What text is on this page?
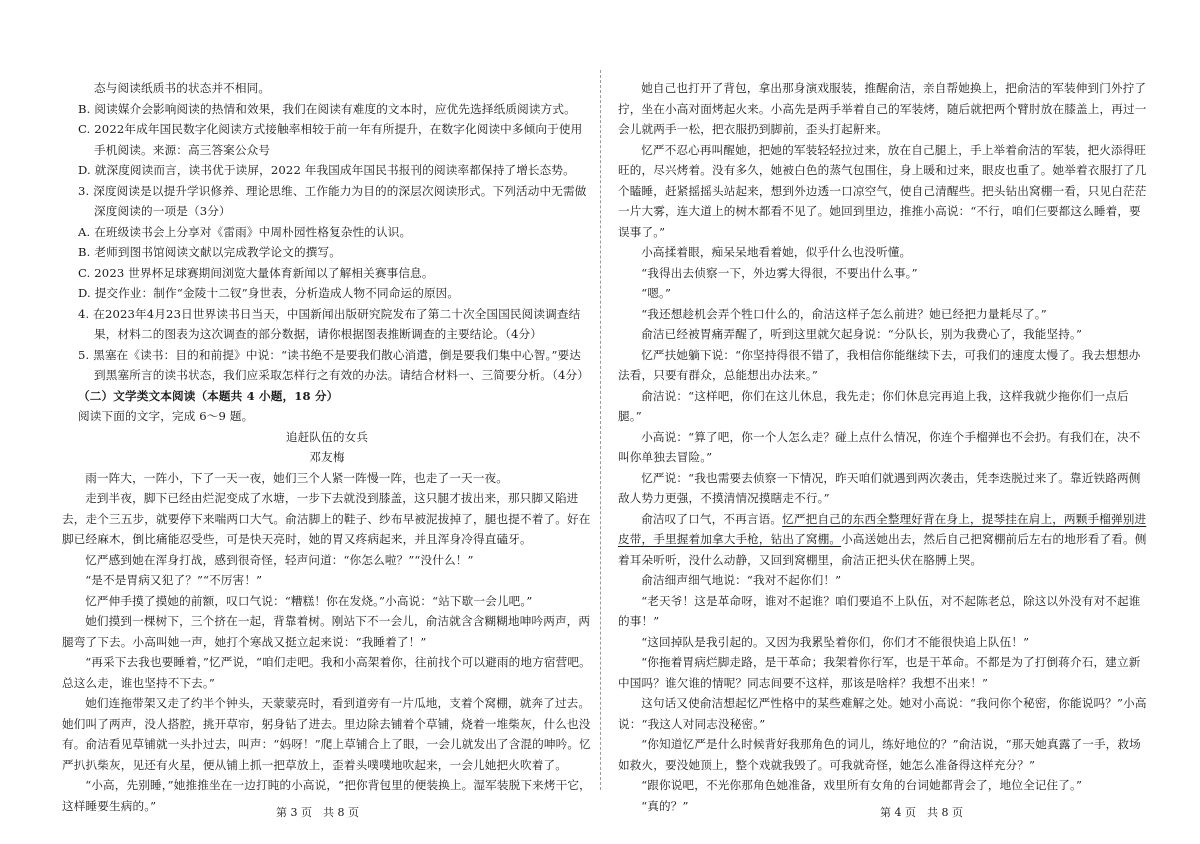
态与阅读纸质书的状态并不相同。

B. 阅读媒介会影响阅读的热情和效果，我们在阅读有难度的文本时，应优先选择纸质阅读方式。

C. 2022年成年国民数字化阅读方式接触率相较于前一年有所提升，在数字化阅读中多倾向于使用手机阅读。来源：高三答案公众号

D. 就深度阅读而言，读书优于读屏，2022 年我国成年国民书报刊的阅读率都保持了增长态势。

3. 深度阅读是以提升学识修养、理论思维、工作能力为目的的深层次阅读形式。下列活动中无需做深度阅读的一项是（3分）

A. 在班级读书会上分享对《雷雨》中周朴园性格复杂性的认识。

B. 老师到图书馆阅读文献以完成教学论文的撰写。

C. 2023 世界杯足球赛期间浏览大量体育新闻以了解相关赛事信息。

D. 提交作业：制作“金陵十二钗”身世表，分析造成人物不同命运的原因。

4. 在2023年4月23日世界读书日当天，中国新闻出版研究院发布了第二十次全国国民阅读调查结果，材料二的图表为这次调查的部分数据，请你根据图表推断调查的主要结论。（4分）

5. 黑塞在《读书：目的和前提》中说：“读书绝不是要我们散心消遣，倒是要我们集中心智。”要达到黑塞所言的读书状态，我们应采取怎样行之有效的办法。请结合材料一、三简要分析。（4分）

（二）文学类文本阅读（本题共 4 小题，18 分）

阅读下面的文字，完成 6～9 题。

追赶队伍的女兵

邓友梅

雨一阵大，一阵小，下了一天一夜，她们三个人紧一阵慢一阵，也走了一天一夜。

走到半夜，脚下已经由烂泥变成了水塘，一步下去就没到膝盖，这只腿才拔出来，那只脚又陷进去，走个三五步，就要停下来喘两口大气。俞洁脚上的鞋子、纱布早被泥拔掉了，腿也提不着了。好在脚已经麻木，倒比痛能忍受些，可是快天亮时，她的胃又疼病起来，并且浑身冷得直磕牙。

忆严感到她在浑身打战，感到很奇怪，轻声问道：“你怎么啦？”“没什么！”

“是不是胃病又犯了？”“不厉害！”

忆严伸手摸了摸她的前额，叹口气说：“糟糕！你在发烧。”小高说：“站下歇一会儿吧。”

她们摸到一棵树下，三个挤在一起，背靠着树。刚站下不一会儿，俞洁就含含糊糊地呻吟两声，两腿弯了下去。小高叫她一声，她打个寒战又挺立起来说：“我睡着了！”

“再采下去我也要睡着，”忆严说，“咱们走吧。我和小高架着你，往前找个可以避雨的地方宿营吧。总这么走，谁也坚持不下去。”

她们连拖带架又走了约半个钟头，天蒙蒙亮时，看到道旁有一片瓜地，支着个窝棚，就奔了过去。她们叫了两声，没人搭腔，挑开草帘，躬身钻了进去。里边除去铺着个草铺，烧着一堆柴灰，什么也没有。俞洁看见草铺就一头扑过去，叫声：“妈呀！”爬上草铺合上了眼，一会儿就发出了含混的呻吟。忆严扒扒柴灰，见还有火星，便从铺上抓一把草放上，歪着头噗噗地吹起来，一会儿她把火吹着了。

“小高，先别睡，”她推推坐在一边打盹的小高说，“把你背包里的便装换上。湿军装脱下来烤干它，这样睡要生病的。”

她自己也打开了背包，拿出那身演戏服装，推醒俞洁，亲自帮她换上，把俞洁的军装伸到门外拧了拧，坐在小高对面烤起火来。小高先是两手举着自己的军装烤，随后就把两个臂肘放在膝盖上，再过一会儿就两手一松，把衣服扔到脚前，歪头打起鼾来。

忆严不忍心再叫醒她，把她的军装轻轻拉过来，放在自己腿上，手上举着俞洁的军装，把火添得旺旺的，尽兴烤着。没有多久，她被白色的蒸气包围住，身上暖和过来，眼皮也重了。她举着衣服打了几个瞌睡，赶紧摇摇头站起来，想到外边透一口凉空气，使自己清醒些。把头钻出窝棚一看，只见白茫茫一片大雾，连大道上的树木都看不见了。她回到里边，推推小高说：“不行，咱们仨要都这么睡着，要误事了。”

小高揉着眼，痴呆呆地看着她，似乎什么也没听懂。

“我得出去侦察一下，外边雾大得很，不要出什么事。”

“嗯。”

“我还想趁机会弄个牲口什么的，俞洁这样子怎么前进？她已经把力量耗尽了。”

俞洁已经被胃痛弄醒了，听到这里就欠起身说：“分队长，别为我费心了，我能坚持。”

忆严扶她躺下说：“你坚持得很不错了，我相信你能继续下去，可我们的速度太慢了。我去想想办法看，只要有群众，总能想出办法来。”

俞洁说：“这样吧，你们在这儿休息，我先走；你们休息完再追上我，这样我就少拖你们一点后腿。”

小高说：“算了吧，你一个人怎么走？碰上点什么情况，你连个手榴弹也不会扔。有我们在，决不叫你单独去冒险。”

忆严说：“我也需要去侦察一下情况，昨天咱们就遇到两次袭击，凭李迭脱过来了。靠近铁路两侧敌人势力更强，不摸清情况摸瞎走不行。”

俞洁叹了口气，不再言语。忆严把自己的东西全整理好背在身上，提琴挂在肩上，两颗手榴弹别进皮带，手里握着加拿大手枪，钻出了窝棚。小高送她出去，然后自己把窝棚前后左右的地形看了看。侧着耳朵听听，没什么动静，又回到窝棚里，俞洁正把头伏在胳膊上哭。

俞洁细声细气地说：“我对不起你们！”

“老天爷！这是革命呀，谁对不起谁？咱们要追不上队伍，对不起陈老总，除这以外没有对不起谁的事！”

“这回掉队是我引起的。又因为我累坠着你们，你们才不能很快追上队伍！”

“你拖着胃病烂脚走路，是干革命；我架着你行军，也是干革命。不都是为了打倒蒋介石，建立新中国吗？谁欠谁的情呢？同志间要不这样，那该是啥样？我想不出来！”

这句话又使俞洁想起忆严性格中的某些难解之处。她对小高说：“我问你个秘密，你能说吗？”小高说：“我这人对同志没秘密。”

“你知道忆严是什么时候背好我那角色的词儿，练好地位的？”俞洁说，“那天她真露了一手，救场如救火，要没她顶上，整个戏就我毁了。可我就奇怪，她怎么准备得这样充分？”

“跟你说吧，不光你那角色她准备，戏里所有女角的台词她都背会了，地位全记住了。”

“真的？”

第 3 页　共 8 页	第 4 页　共 8 页
